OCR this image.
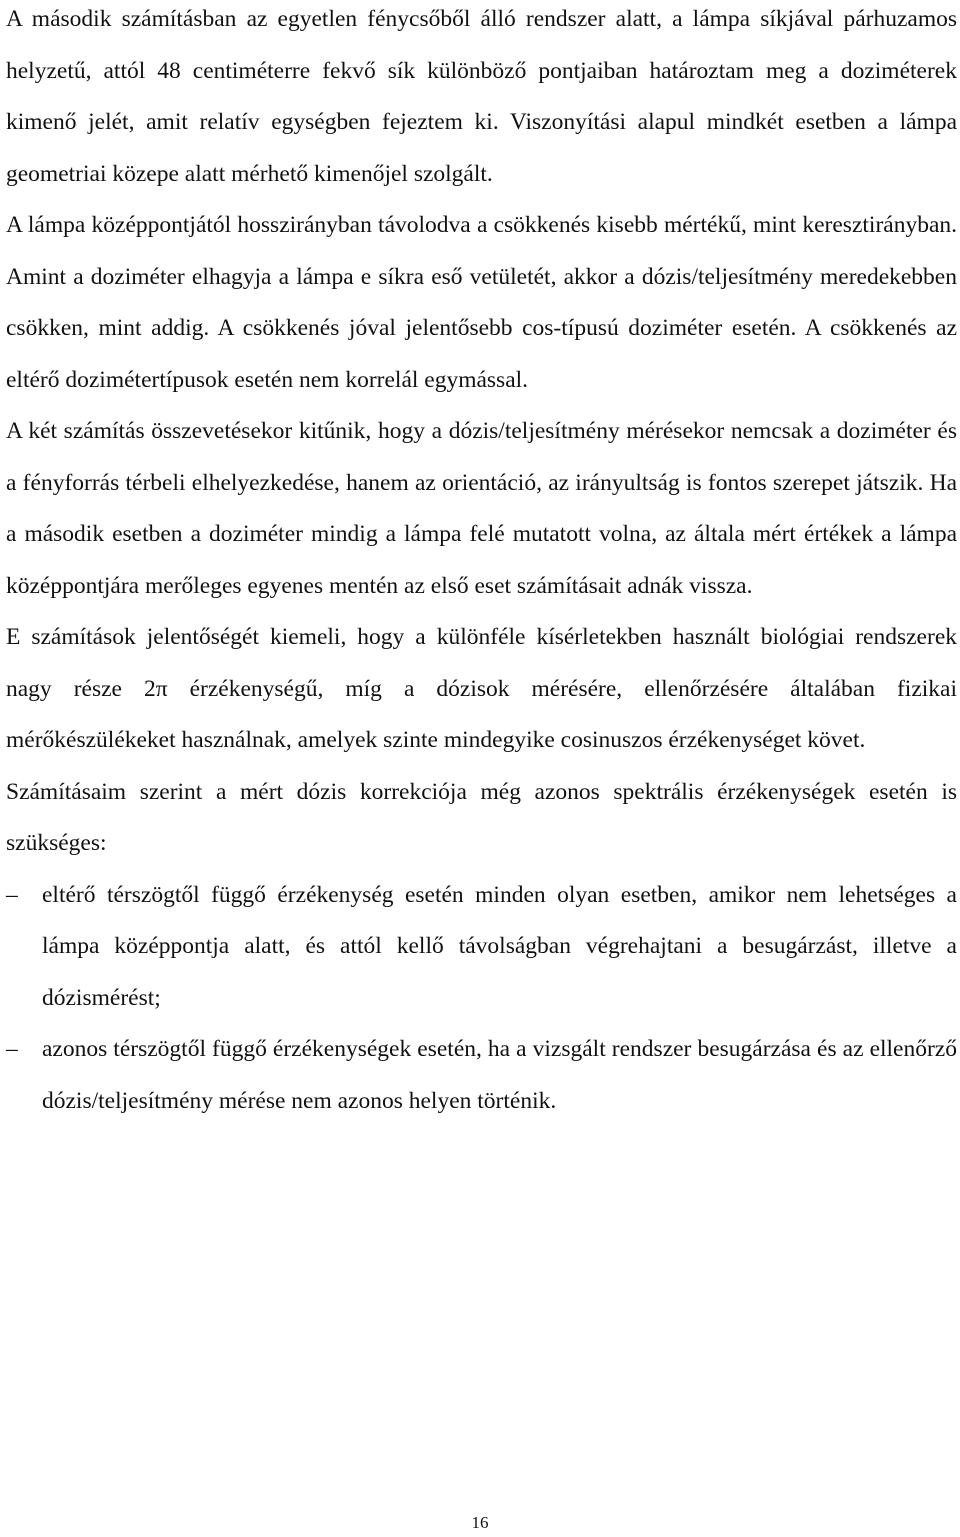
A második számításban az egyetlen fénycsőből álló rendszer alatt, a lámpa síkjával párhuzamos helyzetű, attól 48 centiméterre fekvő sík különböző pontjaiban határoztam meg a doziméterek kimenő jelét, amit relatív egységben fejeztem ki. Viszonyítási alapul mindkét esetben a lámpa geometriai közepe alatt mérhető kimenőjel szolgált.

A lámpa középpontjától hosszirányban távolodva a csökkenés kisebb mértékű, mint keresztirányban. Amint a doziméter elhagyja a lámpa e síkra eső vetületét, akkor a dózis/teljesítmény meredekebben csökken, mint addig. A csökkenés jóval jelentősebb cos-típusú doziméter esetén. A csökkenés az eltérő dozimétertípusok esetén nem korrelál egymással.

A két számítás összevetésekor kitűnik, hogy a dózis/teljesítmény mérésekor nemcsak a doziméter és a fényforrás térbeli elhelyezkedése, hanem az orientáció, az irányultság is fontos szerepet játszik. Ha a második esetben a doziméter mindig a lámpa felé mutatott volna, az általa mért értékek a lámpa középpontjára merőleges egyenes mentén az első eset számításait adnák vissza.

E számítások jelentőségét kiemeli, hogy a különféle kísérletekben használt biológiai rendszerek nagy része 2π érzékenységű, míg a dózisok mérésére, ellenőrzésére általában fizikai mérőkészülékeket használnak, amelyek szinte mindegyike cosinuszos érzékenységet követ.

Számításaim szerint a mért dózis korrekciója még azonos spektrális érzékenységek esetén is szükséges:

–	eltérő térszögtől függő érzékenység esetén minden olyan esetben, amikor nem lehetséges a lámpa középpontja alatt, és attól kellő távolságban végrehajtani a besugárzást, illetve a dózismérést;
–	azonos térszögtől függő érzékenységek esetén, ha a vizsgált rendszer besugárzása és az ellenőrző dózis/teljesítmény mérése nem azonos helyen történik.
16
